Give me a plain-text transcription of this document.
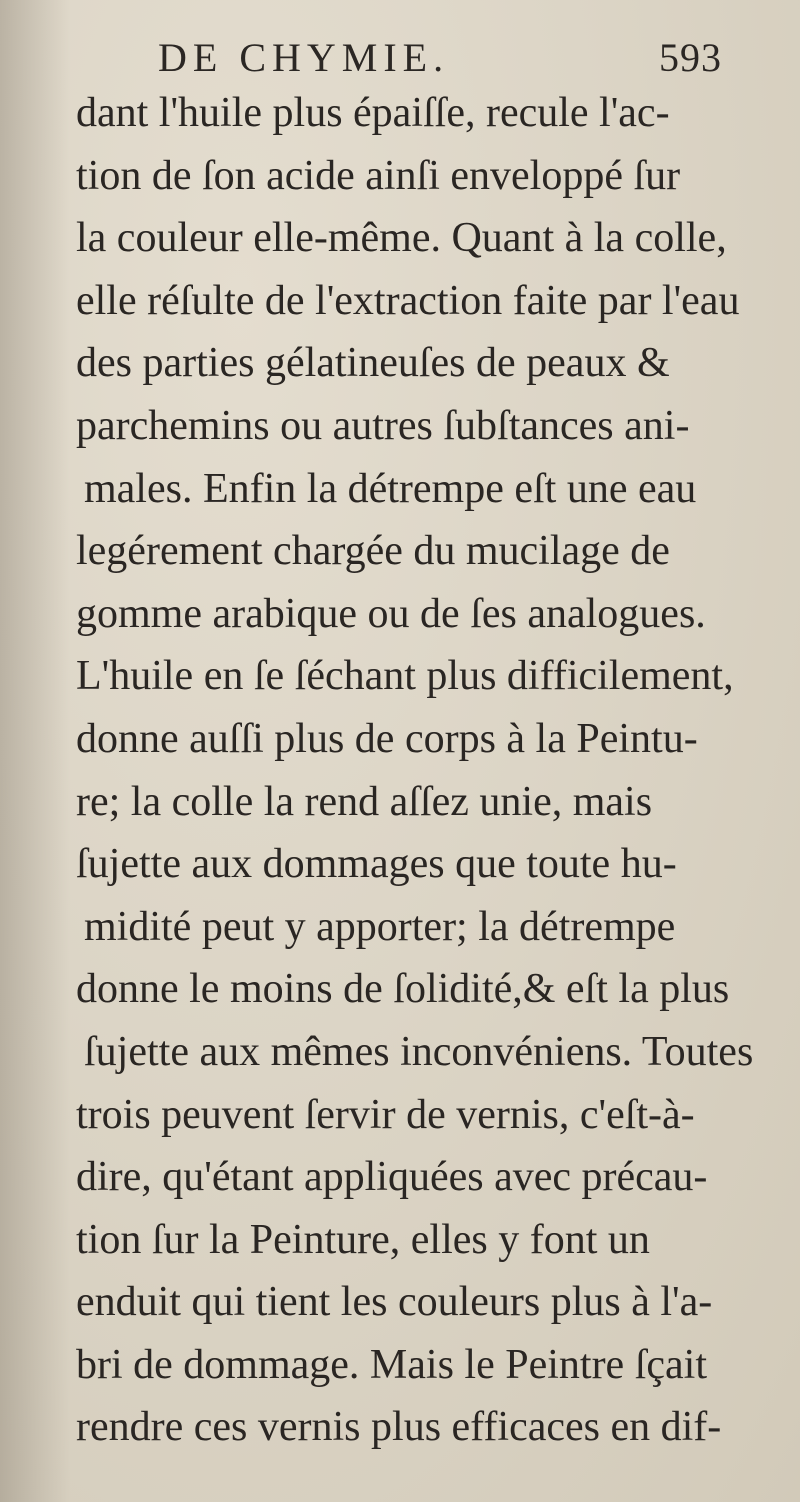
DE CHYMIE.	593
dant l'huile plus épaiſſe, recule l'ac-
tion de ſon acide ainſi enveloppé ſur
la couleur elle-même. Quant à la colle,
elle réſulte de l'extraction faite par l'eau
des parties gélatineuſes de peaux &
parchemins ou autres ſubſtances ani-
males. Enfin la détrempe eſt une eau
legérement chargée du mucilage de
gomme arabique ou de ſes analogues.
L'huile en ſe ſéchant plus difficilement,
donne auſſi plus de corps à la Peintu-
re; la colle la rend aſſez unie, mais
ſujette aux dommages que toute hu-
midité peut y apporter; la détrempe
donne le moins de ſolidité,& eſt la plus
ſujette aux mêmes inconvéniens. Toutes
trois peuvent ſervir de vernis, c'eſt-à-
dire, qu'étant appliquées avec précau-
tion ſur la Peinture, elles y font un
enduit qui tient les couleurs plus à l'a-
bri de dommage. Mais le Peintre ſçait
rendre ces vernis plus efficaces en dif-
